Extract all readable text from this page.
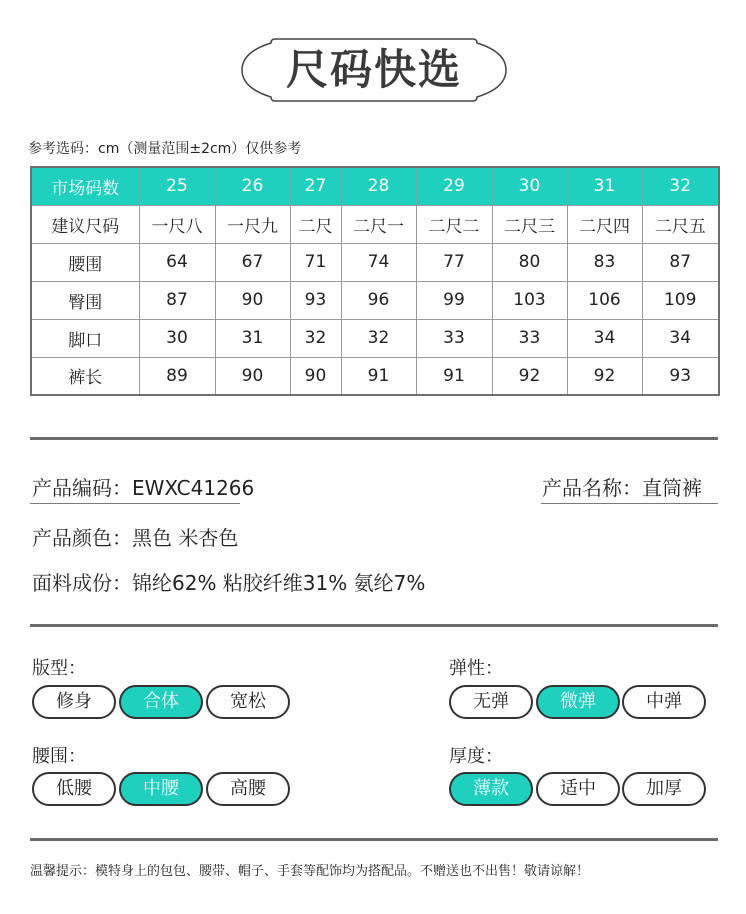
尺码快选
参考选码：cm（测量范围±2cm）仅供参考
市场码数	25	26	27	28	29	30	31	32
建议尺码	一尺八	一尺九	二尺	二尺一	二尺二	二尺三	二尺四	二尺五
腰围	64	67	71	74	77	80	83	87
臀围	87	90	93	96	99	103	106	109
脚口	30	31	32	32	33	33	34	34
裤长	89	90	90	91	91	92	92	93
产品编码：EWXC41266	产品名称：直筒裤
产品颜色：黑色 米杏色
面料成份：锦纶62% 粘胶纤维31% 氨纶7%
版型：
修身	合体	宽松
弹性：
无弹	微弹	中弹
腰围：
低腰	中腰	高腰
厚度：
薄款	适中	加厚
温馨提示：模特身上的包包、腰带、帽子、手套等配饰均为搭配品。不赠送也不出售！敬请谅解！
